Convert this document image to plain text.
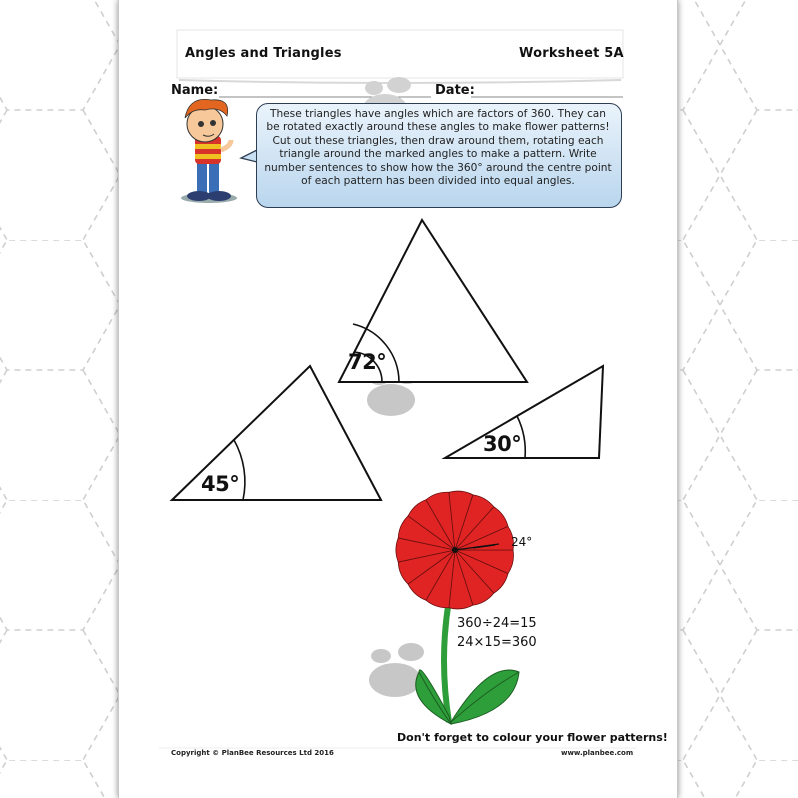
Angles and Triangles	Worksheet 5A
Name:	Date:
These triangles have angles which are factors of 360. They can
be rotated exactly around these angles to make flower patterns!
Cut out these triangles, then draw around them, rotating each
triangle around the marked angles to make a pattern. Write
number sentences to show how the 360° around the centre point
of each pattern has been divided into equal angles.
72°
45°
30°
24°
360÷24=15
24×15=360
Don't forget to colour your flower patterns!
Copyright © PlanBee Resources Ltd 2016	www.planbee.com
